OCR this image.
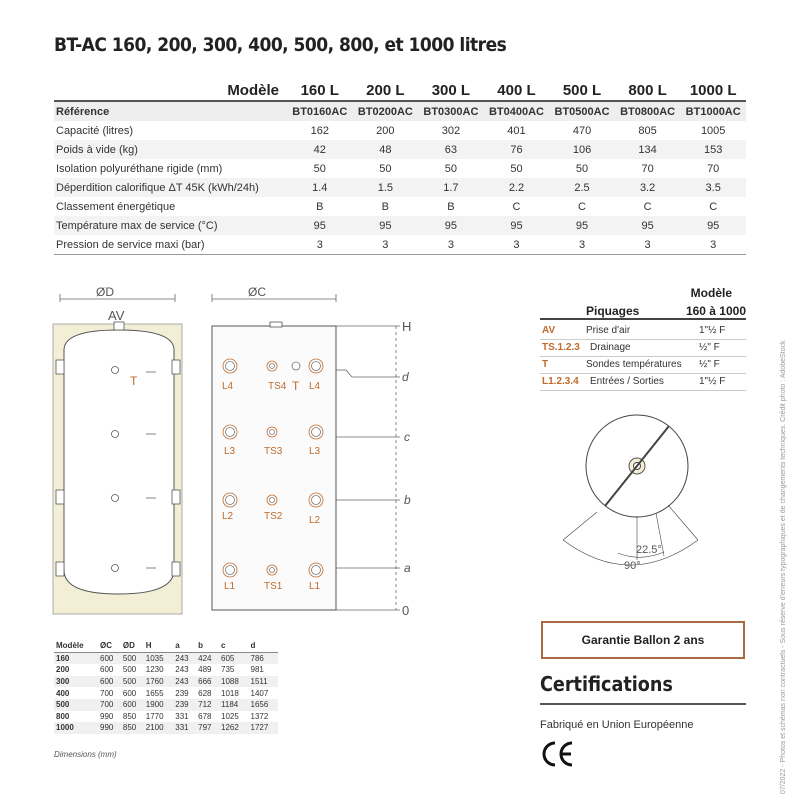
BT-AC 160, 200, 300, 400, 500, 800, et 1000 litres
Modèle	160 L	200 L	300 L	400 L	500 L	800 L	1000 L
Référence	BT0160AC	BT0200AC	BT0300AC	BT0400AC	BT0500AC	BT0800AC	BT1000AC
Capacité (litres)	162	200	302	401	470	805	1005
Poids à vide (kg)	42	48	63	76	106	134	153
Isolation polyuréthane rigide (mm)	50	50	50	50	50	70	70
Déperdition calorifique ΔT 45K (kWh/24h)	1.4	1.5	1.7	2.2	2.5	3.2	3.5
Classement énergétique	B	B	B	C	C	C	C
Température max de service (°C)	95	95	95	95	95	95	95
Pression de service maxi (bar)	3	3	3	3	3	3	3
ØD
AV
T
ØC
H
d
c
b
a
0
L4	TS4 T L4
L3	TS3	L3
L2	TS2	L2
L1	TS1	L1
22.5°
90°
Modèle
Piquages	160 à 1000
AV	Prise d'air	1"½ F
TS.1.2.3 Drainage	½" F
T	Sondes températures ½" F
L1.2.3.4 Entrées / Sorties	1"½ F
Modèle	ØC	ØD	H	a	b	c	d
160	600	500	1035	243	424	605	786
200	600	500	1230	243	489	735	981
300	600	500	1760	243	666	1088	1511
400	700	600	1655	239	628	1018	1407
500	700	600	1900	239	712	1184	1656
800	990	850	1770	331	678	1025	1372
1000	990	850	2100	331	797	1262	1727
Dimensions (mm)
Garantie Ballon 2 ans
Certifications
Fabriqué en Union Européenne	07/2022 - Photos et schémas non contractuels - Sous réserve d'erreurs typographiques et de changements techniques. Crédit photo : AdobeStock
